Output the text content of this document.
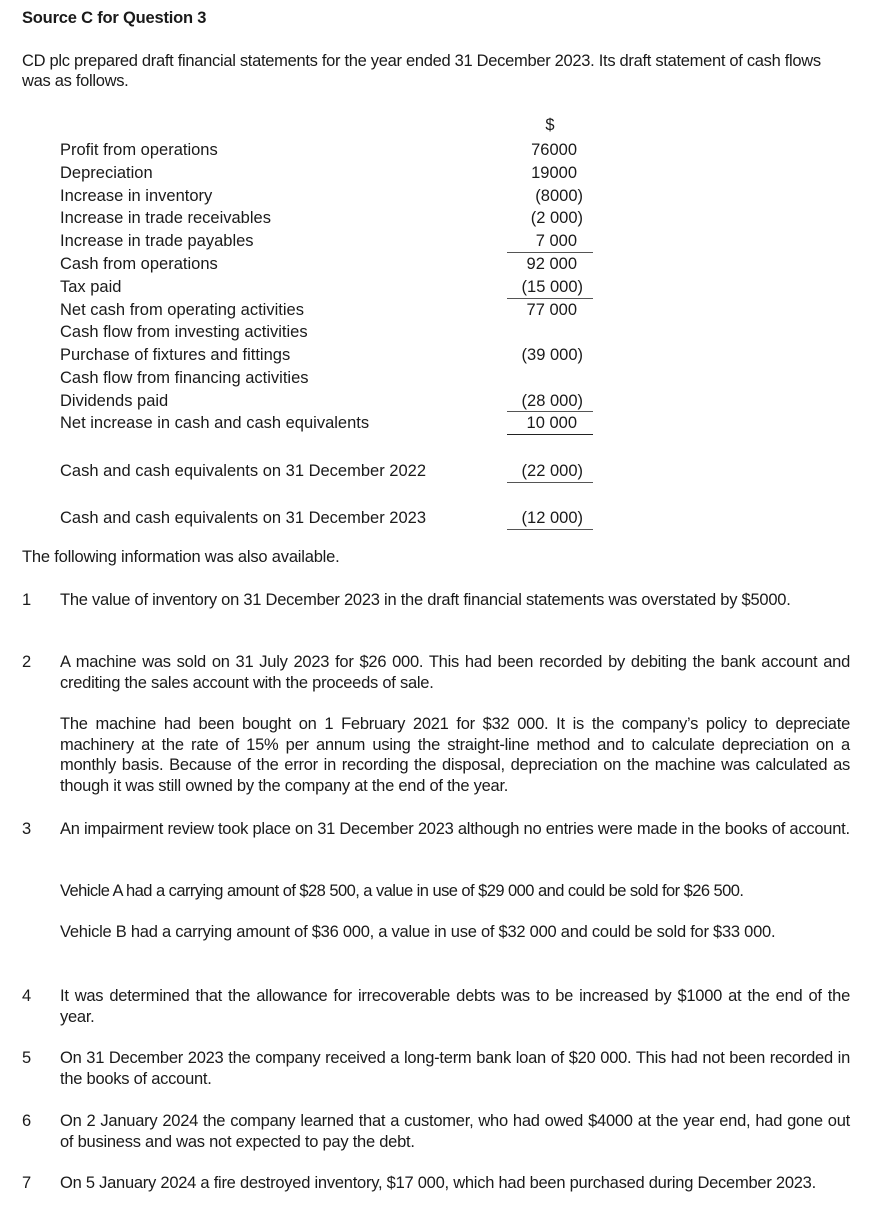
Source C for Question 3
CD plc prepared draft financial statements for the year ended 31 December 2023. Its draft statement of cash flows was as follows.
$
Profit from operations	76000
Depreciation	19000
Increase in inventory	(8000)
Increase in trade receivables	(2 000)
Increase in trade payables	7 000
Cash from operations	92 000
Tax paid	(15 000)
Net cash from operating activities	77 000
Cash flow from investing activities
Purchase of fixtures and fittings	(39 000)
Cash flow from financing activities
Dividends paid	(28 000)
Net increase in cash and cash equivalents	10 000
Cash and cash equivalents on 31 December 2022	(22 000)
Cash and cash equivalents on 31 December 2023	(12 000)
The following information was also available.
1 The value of inventory on 31 December 2023 in the draft financial statements was overstated by $5000.
2 A machine was sold on 31 July 2023 for $26 000. This had been recorded by debiting the bank account and crediting the sales account with the proceeds of sale.
The machine had been bought on 1 February 2021 for $32 000. It is the company’s policy to depreciate machinery at the rate of 15% per annum using the straight-line method and to calculate depreciation on a monthly basis. Because of the error in recording the disposal, depreciation on the machine was calculated as though it was still owned by the company at the end of the year.
3 An impairment review took place on 31 December 2023 although no entries were made in the books of account.
Vehicle A had a carrying amount of $28 500, a value in use of $29 000 and could be sold for $26 500.
Vehicle B had a carrying amount of $36 000, a value in use of $32 000 and could be sold for $33 000.
4 It was determined that the allowance for irrecoverable debts was to be increased by $1000 at the end of the year.
5 On 31 December 2023 the company received a long-term bank loan of $20 000. This had not been recorded in the books of account.
6 On 2 January 2024 the company learned that a customer, who had owed $4000 at the year end, had gone out of business and was not expected to pay the debt.
7 On 5 January 2024 a fire destroyed inventory, $17 000, which had been purchased during December 2023.
